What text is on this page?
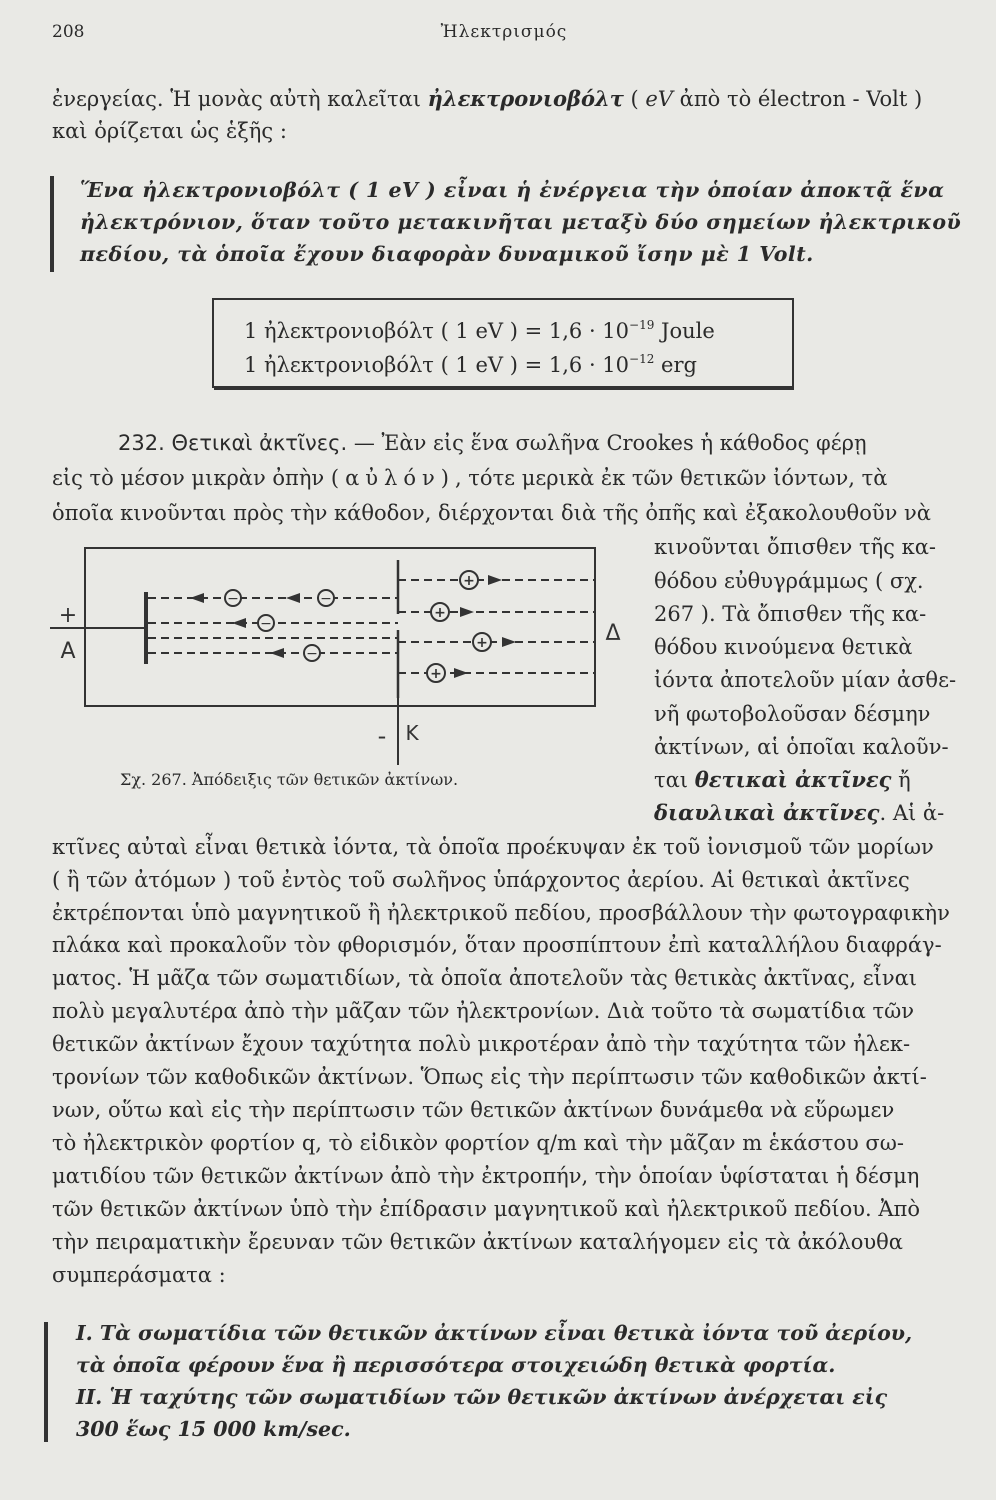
208	Ἠλεκτρισμός
ἐνεργείας. Ἡ μονὰς αὐτὴ καλεῖται ἠλεκτρονιοβόλτ ( eV ἀπὸ τὸ électron - Volt )
καὶ ὁρίζεται ὡς ἑξῆς :
Ἕνα ἠλεκτρονιοβόλτ ( 1 eV ) εἶναι ἡ ἐνέργεια τὴν ὁποίαν ἀποκτᾷ ἕνα
ἠλεκτρόνιον, ὅταν τοῦτο μετακινῆται μεταξὺ δύο σημείων ἠλεκτρικοῦ
πεδίου, τὰ ὁποῖα ἔχουν διαφορὰν δυναμικοῦ ἴσην μὲ 1 Volt.
1 ἠλεκτρονιοβόλτ ( 1 eV ) = $1,6 \cdot 10^{-19}$ Joule
1 ἠλεκτρονιοβόλτ ( 1 eV ) = $1,6 \cdot 10^{-12}$ erg
232. Θετικαὶ ἀκτῖνες. — Ἐὰν εἰς ἕνα σωλῆνα Crookes ἡ κάθοδος φέρῃ
εἰς τὸ μέσον μικρὰν ὀπὴν (αὐλόν), τότε μερικὰ ἐκ τῶν θετικῶν ἰόντων, τὰ
ὁποῖα κινοῦνται πρὸς τὴν κάθοδον, διέρχονται διὰ τῆς ὀπῆς καὶ ἐξακολουθοῦν νὰ
κινοῦνται ὄπισθεν τῆς κα-
θόδου εὐθυγράμμως ( σχ.
267 ). Τὰ ὄπισθεν τῆς κα-
θόδου κινούμενα θετικὰ
ἰόντα ἀποτελοῦν μίαν ἀσθε-
νῆ φωτοβολοῦσαν δέσμην
ἀκτίνων, αἱ ὁποῖαι καλοῦν-
ται θετικαὶ ἀκτῖνες ἤ
διαυλικαὶ ἀκτῖνες. Αἱ ἀ-
−	−
−
−
+
+
+
+
+
A
Δ
- K
Σχ. 267. Ἀπόδειξις τῶν θετικῶν ἀκτίνων.
κτῖνες αὐταὶ εἶναι θετικὰ ἰόντα, τὰ ὁποῖα προέκυψαν ἐκ τοῦ ἰονισμοῦ τῶν μορίων
( ἢ τῶν ἀτόμων ) τοῦ ἐντὸς τοῦ σωλῆνος ὑπάρχοντος ἀερίου. Αἱ θετικαὶ ἀκτῖνες
ἐκτρέπονται ὑπὸ μαγνητικοῦ ἢ ἠλεκτρικοῦ πεδίου, προσβάλλουν τὴν φωτογραφικὴν
πλάκα καὶ προκαλοῦν τὸν φθορισμόν, ὅταν προσπίπτουν ἐπὶ καταλλήλου διαφράγ-
ματος. Ἡ μᾶζα τῶν σωματιδίων, τὰ ὁποῖα ἀποτελοῦν τὰς θετικὰς ἀκτῖνας, εἶναι
πολὺ μεγαλυτέρα ἀπὸ τὴν μᾶζαν τῶν ἠλεκτρονίων. Διὰ τοῦτο τὰ σωματίδια τῶν
θετικῶν ἀκτίνων ἔχουν ταχύτητα πολὺ μικροτέραν ἀπὸ τὴν ταχύτητα τῶν ἠλεκ-
τρονίων τῶν καθοδικῶν ἀκτίνων. Ὅπως εἰς τὴν περίπτωσιν τῶν καθοδικῶν ἀκτί-
νων, οὕτω καὶ εἰς τὴν περίπτωσιν τῶν θετικῶν ἀκτίνων δυνάμεθα νὰ εὕρωμεν
τὸ ἠλεκτρικὸν φορτίον q, τὸ εἰδικὸν φορτίον q/m καὶ τὴν μᾶζαν m ἑκάστου σω-
ματιδίου τῶν θετικῶν ἀκτίνων ἀπὸ τὴν ἐκτροπήν, τὴν ὁποίαν ὑφίσταται ἡ δέσμη
τῶν θετικῶν ἀκτίνων ὑπὸ τὴν ἐπίδρασιν μαγνητικοῦ καὶ ἠλεκτρικοῦ πεδίου. Ἀπὸ
τὴν πειραματικὴν ἔρευναν τῶν θετικῶν ἀκτίνων καταλήγομεν εἰς τὰ ἀκόλουθα
συμπεράσματα :
I. Τὰ σωματίδια τῶν θετικῶν ἀκτίνων εἶναι θετικὰ ἰόντα τοῦ ἀερίου,
τὰ ὁποῖα φέρουν ἕνα ἢ περισσότερα στοιχειώδη θετικὰ φορτία.
II. Ἡ ταχύτης τῶν σωματιδίων τῶν θετικῶν ἀκτίνων ἀνέρχεται εἰς
300 ἕως 15 000 km/sec.
